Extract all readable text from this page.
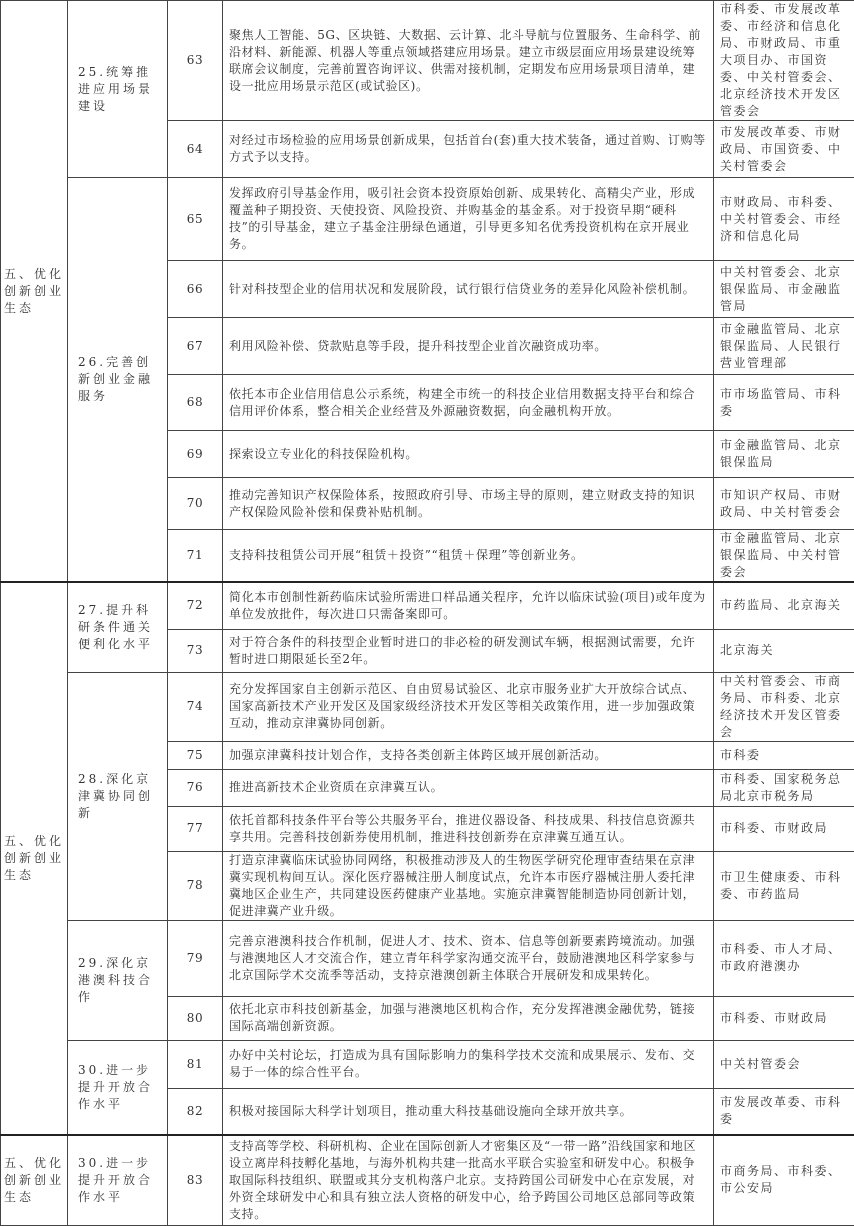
五、优化创新创业生态	25.统筹推进应用场景建设	63	聚焦人工智能、5G、区块链、大数据、云计算、北斗导航与位置服务、生命科学、前沿材料、新能源、机器人等重点领域搭建应用场景。建立市级层面应用场景建设统筹联席会议制度，完善前置咨询评议、供需对接机制，定期发布应用场景项目清单，建设一批应用场景示范区(或试验区)。	市科委、市发展改革委、市经济和信息化局、市财政局、市重大项目办、市国资委、中关村管委会、北京经济技术开发区管委会
		64	对经过市场检验的应用场景创新成果，包括首台(套)重大技术装备，通过首购、订购等方式予以支持。	市发展改革委、市财政局、市国资委、中关村管委会
	26.完善创新创业金融服务	65	发挥政府引导基金作用，吸引社会资本投资原始创新、成果转化、高精尖产业，形成覆盖种子期投资、天使投资、风险投资、并购基金的基金系。对于投资早期“硬科技”的引导基金，建立子基金注册绿色通道，引导更多知名优秀投资机构在京开展业务。	市财政局、市科委、中关村管委会、市经济和信息化局
		66	针对科技型企业的信用状况和发展阶段，试行银行信贷业务的差异化风险补偿机制。	中关村管委会、北京银保监局、市金融监管局
		67	利用风险补偿、贷款贴息等手段，提升科技型企业首次融资成功率。	市金融监管局、北京银保监局、人民银行营业管理部
		68	依托本市企业信用信息公示系统，构建全市统一的科技企业信用数据支持平台和综合信用评价体系，整合相关企业经营及外源融资数据，向金融机构开放。	市市场监管局、市科委
		69	探索设立专业化的科技保险机构。	市金融监管局、北京银保监局
		70	推动完善知识产权保险体系，按照政府引导、市场主导的原则，建立财政支持的知识产权保险风险补偿和保费补贴机制。	市知识产权局、市财政局、中关村管委会
		71	支持科技租赁公司开展“租赁＋投资”“租赁＋保理”等创新业务。	市金融监管局、北京银保监局、中关村管委会
五、优化创新创业生态	27.提升科研条件通关便利化水平	72	简化本市创制性新药临床试验所需进口样品通关程序，允许以临床试验(项目)或年度为单位发放批件，每次进口只需备案即可。	市药监局、北京海关
		73	对于符合条件的科技型企业暂时进口的非必检的研发测试车辆，根据测试需要，允许暂时进口期限延长至2年。	北京海关
	28.深化京津冀协同创新	74	充分发挥国家自主创新示范区、自由贸易试验区、北京市服务业扩大开放综合试点、国家高新技术产业开发区及国家级经济技术开发区等相关政策作用，进一步加强政策互动，推动京津冀协同创新。	中关村管委会、市商务局、市科委、北京经济技术开发区管委会
		75	加强京津冀科技计划合作，支持各类创新主体跨区域开展创新活动。	市科委
		76	推进高新技术企业资质在京津冀互认。	市科委、国家税务总局北京市税务局
		77	依托首都科技条件平台等公共服务平台，推进仪器设备、科技成果、科技信息资源共享共用。完善科技创新券使用机制，推进科技创新券在京津冀互通互认。	市科委、市财政局
		78	打造京津冀临床试验协同网络，积极推动涉及人的生物医学研究伦理审查结果在京津冀实现机构间互认。深化医疗器械注册人制度试点，允许本市医疗器械注册人委托津冀地区企业生产，共同建设医药健康产业基地。实施京津冀智能制造协同创新计划，促进津冀产业升级。	市卫生健康委、市科委、市药监局
	29.深化京港澳科技合作	79	完善京港澳科技合作机制，促进人才、技术、资本、信息等创新要素跨境流动。加强与港澳地区人才交流合作，建立青年科学家沟通交流平台，鼓励港澳地区科学家参与北京国际学术交流季等活动，支持京港澳创新主体联合开展研发和成果转化。	市科委、市人才局、市政府港澳办
		80	依托北京市科技创新基金，加强与港澳地区机构合作，充分发挥港澳金融优势，链接国际高端创新资源。	市科委、市财政局
	30.进一步提升开放合作水平	81	办好中关村论坛，打造成为具有国际影响力的集科学技术交流和成果展示、发布、交易于一体的综合性平台。	中关村管委会
		82	积极对接国际大科学计划项目，推动重大科技基础设施向全球开放共享。	市发展改革委、市科委
五、优化创新创业生态	30.进一步提升开放合作水平	83	支持高等学校、科研机构、企业在国际创新人才密集区及“一带一路”沿线国家和地区设立离岸科技孵化基地，与海外机构共建一批高水平联合实验室和研发中心。积极争取国际科技组织、联盟或其分支机构落户北京。支持跨国公司研发中心在京发展，对外资全球研发中心和具有独立法人资格的研发中心，给予跨国公司地区总部同等政策支持。	市商务局、市科委、市公安局
